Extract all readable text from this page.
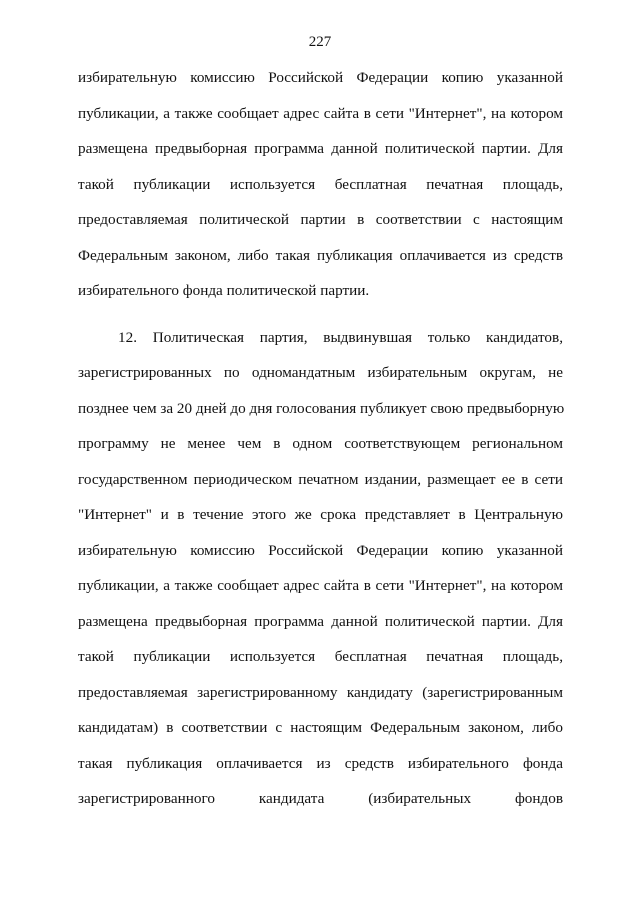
227
избирательную комиссию Российской Федерации копию указанной
публикации, а также сообщает адрес сайта в сети "Интернет", на котором
размещена предвыборная программа данной политической партии. Для
такой публикации используется бесплатная печатная площадь,
предоставляемая политической партии в соответствии с настоящим
Федеральным законом, либо такая публикация оплачивается из средств
избирательного фонда политической партии.
12. Политическая партия, выдвинувшая только кандидатов,
зарегистрированных по одномандатным избирательным округам, не
позднее чем за 20 дней до дня голосования публикует свою предвыборную
программу не менее чем в одном соответствующем региональном
государственном периодическом печатном издании, размещает ее в сети
"Интернет" и в течение этого же срока представляет в Центральную
избирательную комиссию Российской Федерации копию указанной
публикации, а также сообщает адрес сайта в сети "Интернет", на котором
размещена предвыборная программа данной политической партии. Для
такой публикации используется бесплатная печатная площадь,
предоставляемая зарегистрированному кандидату (зарегистрированным
кандидатам) в соответствии с настоящим Федеральным законом, либо
такая публикация оплачивается из средств избирательного фонда
зарегистрированного кандидата (избирательных фондов
